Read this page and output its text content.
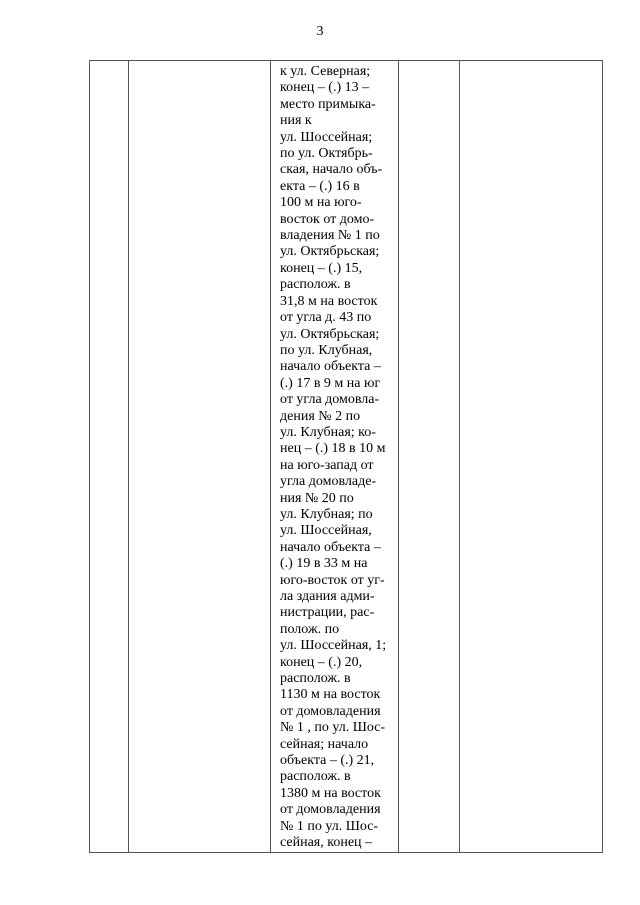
3

к ул. Северная;
конец – (.) 13 –
место примыка-
ния к
ул. Шоссейная;
по ул. Октябрь-
ская, начало объ-
екта – (.) 16 в
100 м на юго-
восток от домо-
владения № 1 по
ул. Октябрьская;
конец – (.) 15,
располож. в
31,8 м на восток
от угла д. 43 по
ул. Октябрьская;
по ул. Клубная,
начало объекта –
(.) 17 в 9 м на юг
от угла домовла-
дения № 2 по
ул. Клубная; ко-
нец – (.) 18 в 10 м
на юго-запад от
угла домовладе-
ния № 20 по
ул. Клубная; по
ул. Шоссейная,
начало объекта –
(.) 19 в 33 м на
юго-восток от уг-
ла здания адми-
нистрации, рас-
полож. по
ул. Шоссейная, 1;
конец – (.) 20,
располож. в
1130 м на восток
от домовладения
№ 1 , по ул. Шос-
сейная; начало
объекта – (.) 21,
располож. в
1380 м на восток
от домовладения
№ 1 по ул. Шос-
сейная, конец –
